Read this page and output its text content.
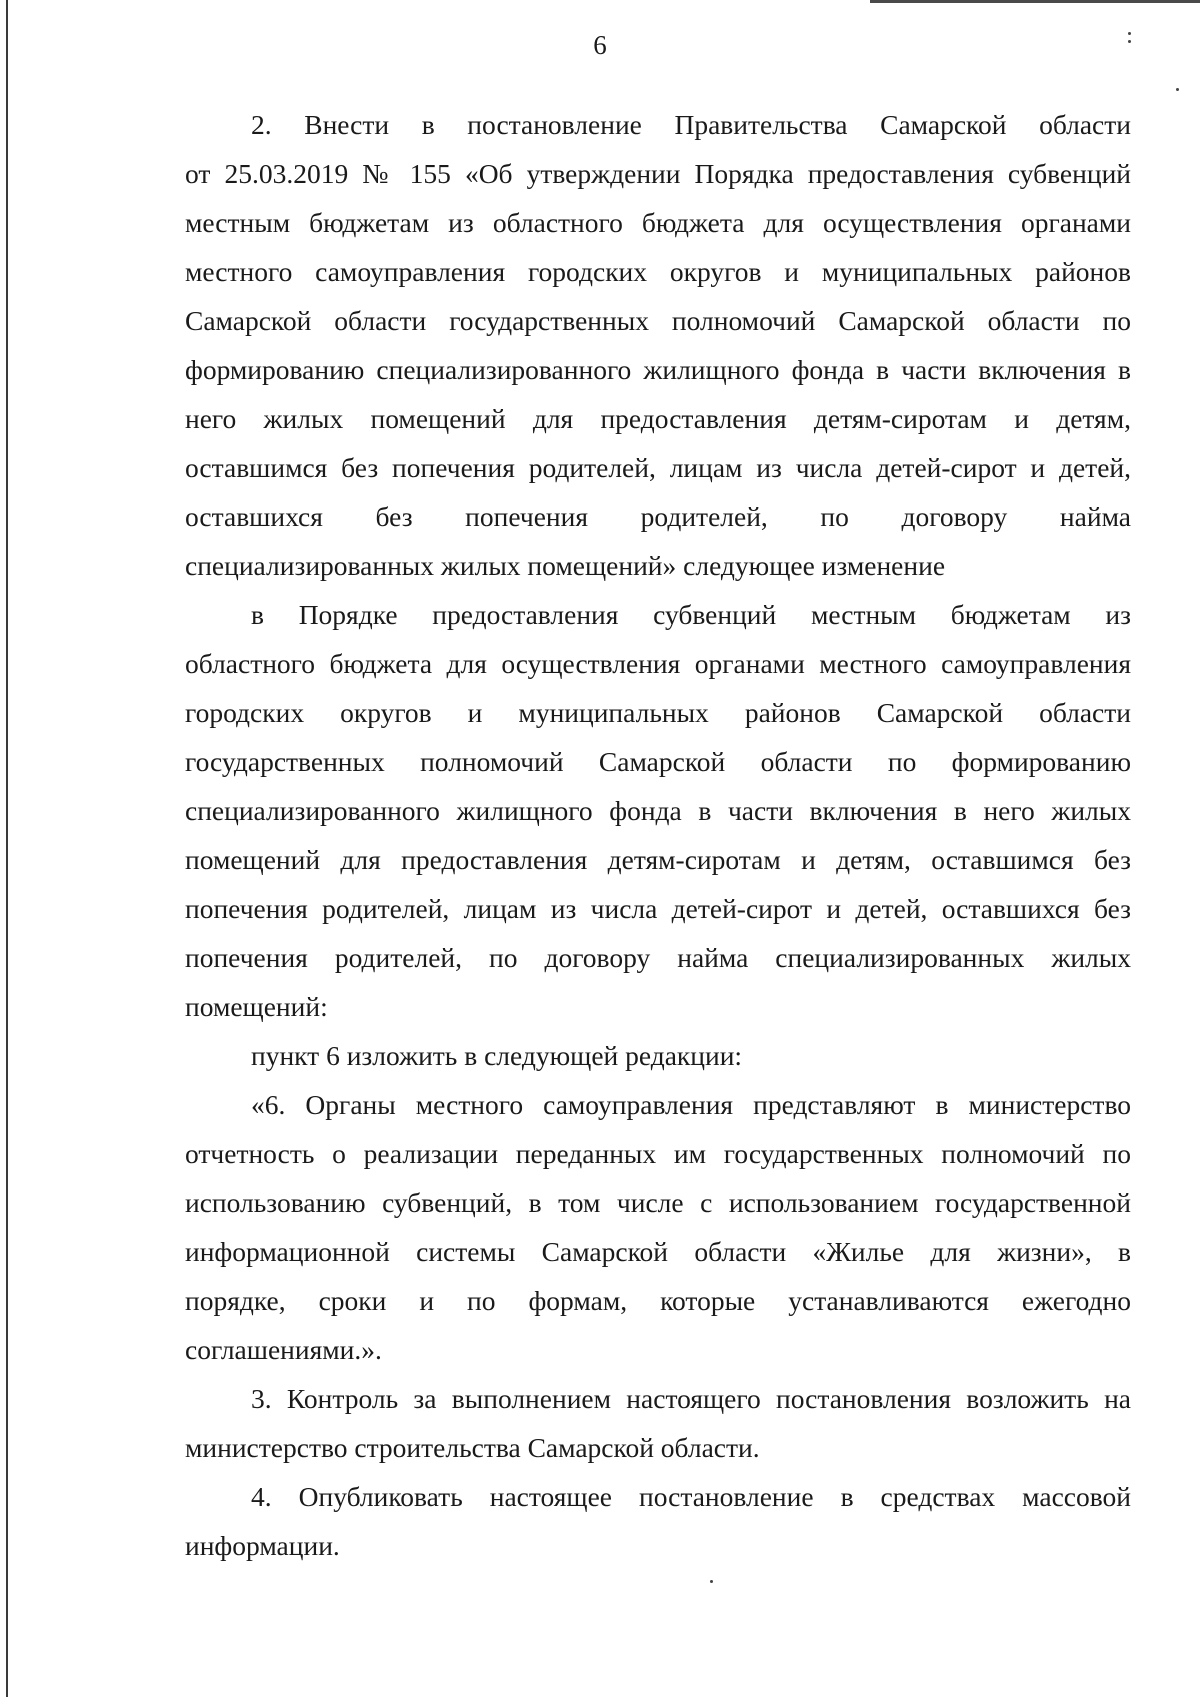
6
2. Внести в постановление Правительства Самарской области
от 25.03.2019 № 155 «Об утверждении Порядка предоставления субвенций
местным бюджетам из областного бюджета для осуществления органами
местного самоуправления городских округов и муниципальных районов
Самарской области государственных полномочий Самарской области по
формированию специализированного жилищного фонда в части включения в
него жилых помещений для предоставления детям-сиротам и детям,
оставшимся без попечения родителей, лицам из числа детей-сирот и детей,
оставшихся без попечения родителей, по договору найма
специализированных жилых помещений» следующее изменение
в Порядке предоставления субвенций местным бюджетам из
областного бюджета для осуществления органами местного самоуправления
городских округов и муниципальных районов Самарской области
государственных полномочий Самарской области по формированию
специализированного жилищного фонда в части включения в него жилых
помещений для предоставления детям-сиротам и детям, оставшимся без
попечения родителей, лицам из числа детей-сирот и детей, оставшихся без
попечения родителей, по договору найма специализированных жилых
помещений:
пункт 6 изложить в следующей редакции:
«6. Органы местного самоуправления представляют в министерство
отчетность о реализации переданных им государственных полномочий по
использованию субвенций, в том числе с использованием государственной
информационной системы Самарской области «Жилье для жизни», в
порядке, сроки и по формам, которые устанавливаются ежегодно
соглашениями.».
3. Контроль за выполнением настоящего постановления возложить на
министерство строительства Самарской области.
4. Опубликовать настоящее постановление в средствах массовой
информации.
